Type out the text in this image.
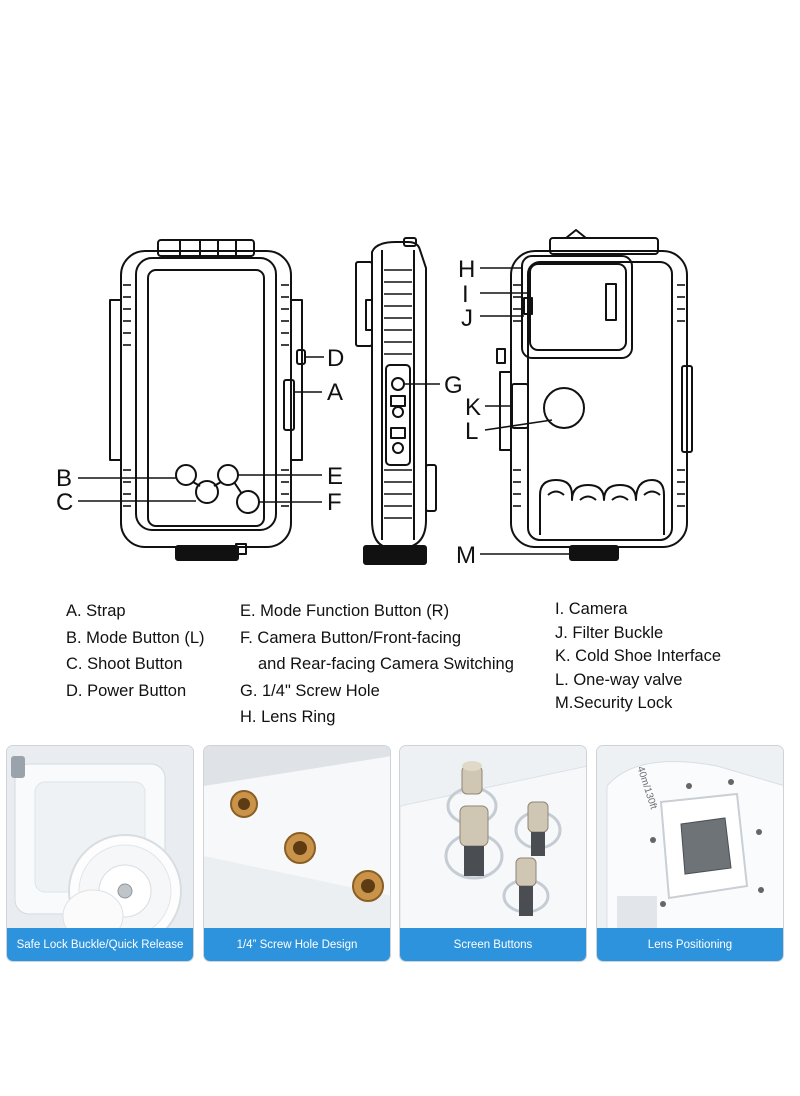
D
A
B
C
E
F
G
H
I
J
K
L
M
A. Strap
B. Mode Button (L)
C. Shoot Button
D. Power Button
E. Mode Function Button (R)
F. Camera Button/Front-facing
and Rear-facing Camera Switching
G. 1/4" Screw Hole
H. Lens Ring
I. Camera
J. Filter Buckle
K. Cold Shoe Interface
L. One-way valve
M.Security Lock
Safe Lock Buckle/Quick Release	1/4” Screw Hole Design	Screen Buttons
40m/130ft
Lens Positioning
